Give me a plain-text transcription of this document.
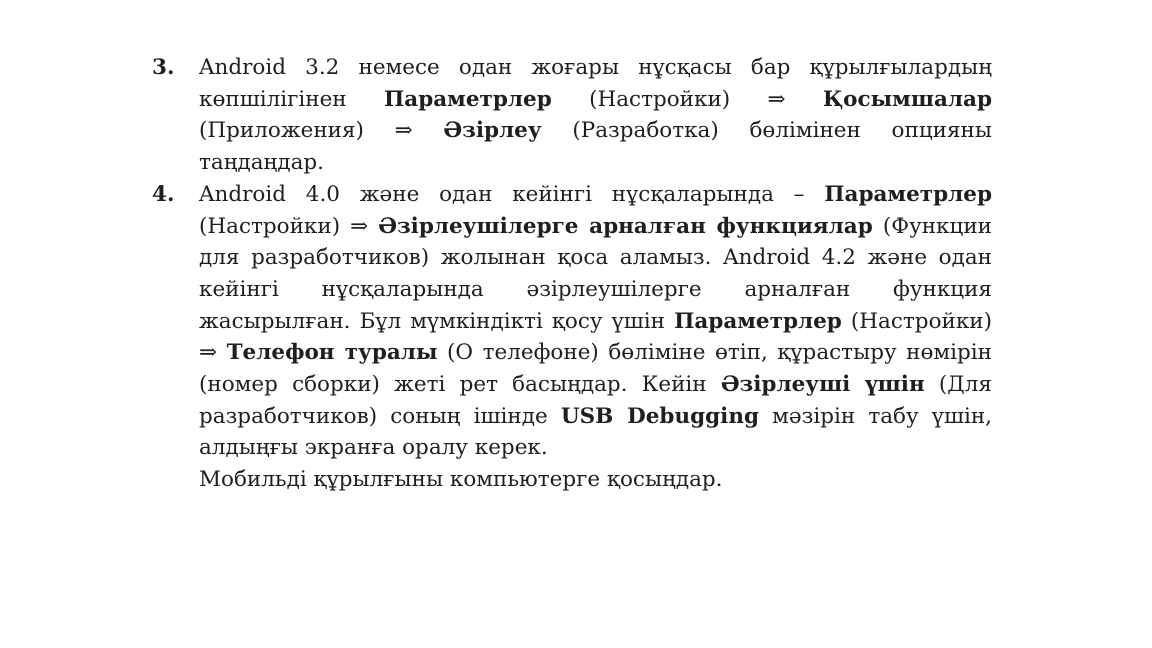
3. Android 3.2 немесе одан жоғары нұсқасы бар құрылғылардың көпшілігінен Параметрлер (Настройки) ⇒ Қосымшалар (Приложения) ⇒ Әзірлеу (Разработка) бөлімінен опцияны таңдаңдар.
4. Android 4.0 және одан кейінгі нұсқаларында – Параметрлер (Настройки) ⇒ Әзірлеушілерге арналған функциялар (Функции для разработчиков) жолынан қоса аламыз. Android 4.2 және одан кейінгі нұсқаларында әзірлеушілерге арналған функция жасырылған. Бұл мүмкіндікті қосу үшін Параметрлер (Настройки) ⇒ Телефон туралы (О телефоне) бөліміне өтіп, құрастыру нөмірін (номер сборки) жеті рет басыңдар. Кейін Әзірлеуші үшін (Для разработчиков) соның ішінде USB Debugging мәзірін табу үшін, алдыңғы экранға оралу керек.
Мобильді құрылғыны компьютерге қосыңдар.
